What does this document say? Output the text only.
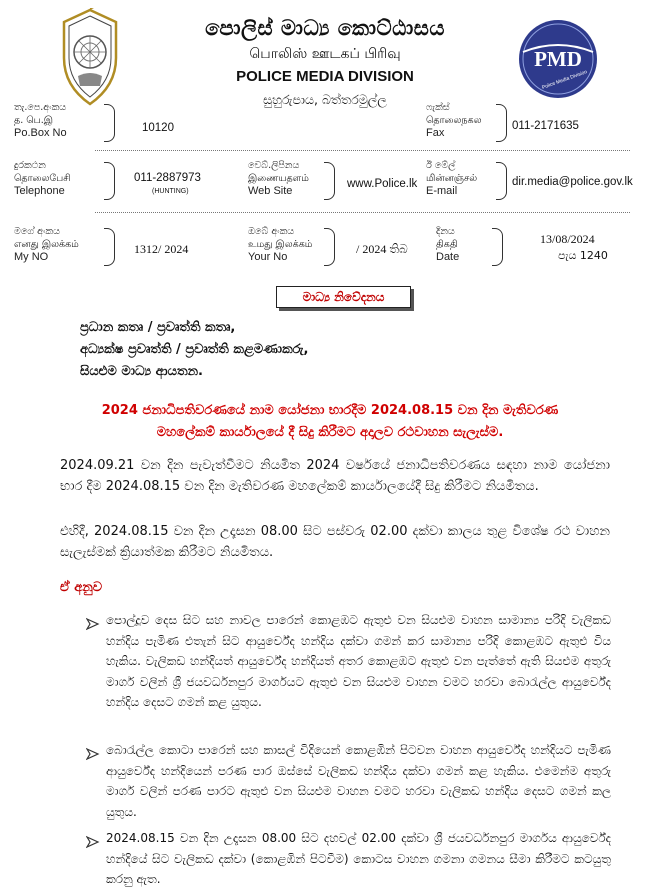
PMD
Police Media Division
පොලිස් මාධ්‍ය කොට්ඨාසය
பொலிஸ் ஊடகப் பிரிவு
POLICE MEDIA DIVISION
සුහුරුපාය, බත්තරමුල්ල
තැ.පෙ.අංකය
த. பெ.இ
Po.Box No	10120
ෆැක්ස්
தொலைநகல
Fax
011-2171635
දුරකථන
தொலைபேசி
Telephone
011-2887973
(HUNTING)
වෙබ්.ලිපිනය
இணையதளம்
Web Site
www.Police.lk
ඊ මේල්
மின்னஞ்சல்
E-mail
dir.media@police.gov.lk
මගේ අංකය
எனது இலக்கம்
My NO
1312/ 2024
ඔබේ අංකය
உமது இலக்கம்
Your No
/ 2024 තිබ
දිනය
திகதி
Date
13/08/2024
පැය 1240
මාධ්‍ය නිවේදනය
ප්‍රධාන කතෘ / ප්‍රවෘත්ති කතෘ,
අධ්‍යක්ෂ ප්‍රවෘත්ති / ප්‍රවෘත්ති කළමණාකරු,
සියළුම මාධ්‍ය ආයතන.
2024 ජනාධිපතිවරණයේ නාම යෝජනා භාරදීම 2024.08.15 වන දින මැතිවරණ
මහලේකම් කාර්යාලයේ දී සිදු කිරීමට අදාලව රථවාහන සැලැස්ම.
2024.09.21 වන දින පැවැත්වීමට නියමිත 2024 වර්ෂයේ ජනාධිපතිවරණය සඳහා නාම යෝජනා භාර දීම 2024.08.15 වන දින මැතිවරණ මහලේකම් කාර්යාලයේදී සිදු කිරීමට නියමිතය.
එහිදී, 2024.08.15 වන දින උදෑසන 08.00 සිට පස්වරු 02.00 දක්වා කාලය තුළ විශේෂ රථ වාහන සැලැස්මක් ක්‍රියාත්මක කිරීමට නියමිතය.
ඒ අනුව
පොල්දූව දෙස සිට සහ නාවල පාරෙන් කොළඹට ඇතුළු වන සියළුම වාහන සාමාන්‍ය පරිදි වැලිකඩ හන්දිය පැමිණ එතැන් සිට ආයුර්වේද හන්දිය දක්වා ගමන් කර සාමාන්‍ය පරිදි කොළඹට ඇතුළු විය හැකිය. වැලිකඩ හන්දියත් ආයුර්වේද හන්දියත් අතර කොළඹට ඇතුළු වන පැත්තේ ඇති සියළුම අතුරු මාර්ග වලින් ශ්‍රී ජයවර්ධනපුර මාර්ගයට ඇතුළු වන සියළුම වාහන වමට හරවා බොරැල්ල ආයුර්වේද හන්දිය දෙසට ගමන් කළ යුතුය.
බොරැල්ල කොටා පාරෙන් සහ කාසල් විදියෙන් කොළඹින් පිටවන වාහන ආයුර්වේද හන්දියට පැමිණ ආයුර්වේද හන්දියෙන් පරණ පාර ඔස්සේ වැලිකඩ හන්දිය දක්වා ගමන් කළ හැකිය. එමෙන්ම අතුරු මාර්ග වලින් පරණ පාරට ඇතුළු වන සියළුම වාහන වමට හරවා වැලිකඩ හන්දිය දෙසට ගමන් කල යුතුය.
2024.08.15 වන දින උදෑසන 08.00 සිට දහවල් 02.00 දක්වා ශ්‍රී ජයවර්ධනපුර මාර්ගය ආයුර්වේද හන්දියේ සිට වැලිකඩ දක්වා (කොළඹින් පිටවීම) කොටස වාහන ගමනා ගමනය සීමා කිරීමට කටයුතු කරනු ඇත.
